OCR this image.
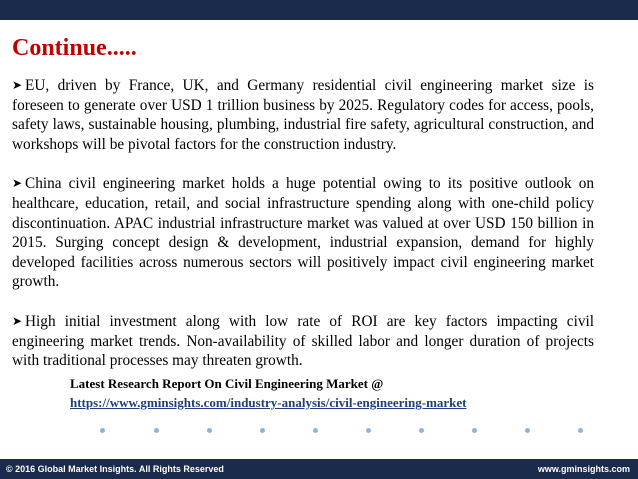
Continue.....

➤ EU, driven by France, UK, and Germany residential civil engineering market size is foreseen to generate over USD 1 trillion business by 2025. Regulatory codes for access, pools, safety laws, sustainable housing, plumbing, industrial fire safety, agricultural construction, and workshops will be pivotal factors for the construction industry.

➤ China civil engineering market holds a huge potential owing to its positive outlook on healthcare, education, retail, and social infrastructure spending along with one-child policy discontinuation. APAC industrial infrastructure market was valued at over USD 150 billion in 2015. Surging concept design & development, industrial expansion, demand for highly developed facilities across numerous sectors will positively impact civil engineering market growth.

➤ High initial investment along with low rate of ROI are key factors impacting civil engineering market trends. Non-availability of skilled labor and longer duration of projects with traditional processes may threaten growth.

Latest Research Report On Civil Engineering Market @
https://www.gminsights.com/industry-analysis/civil-engineering-market
© 2016 Global Market Insights. All Rights Reserved	www.gminsights.com
